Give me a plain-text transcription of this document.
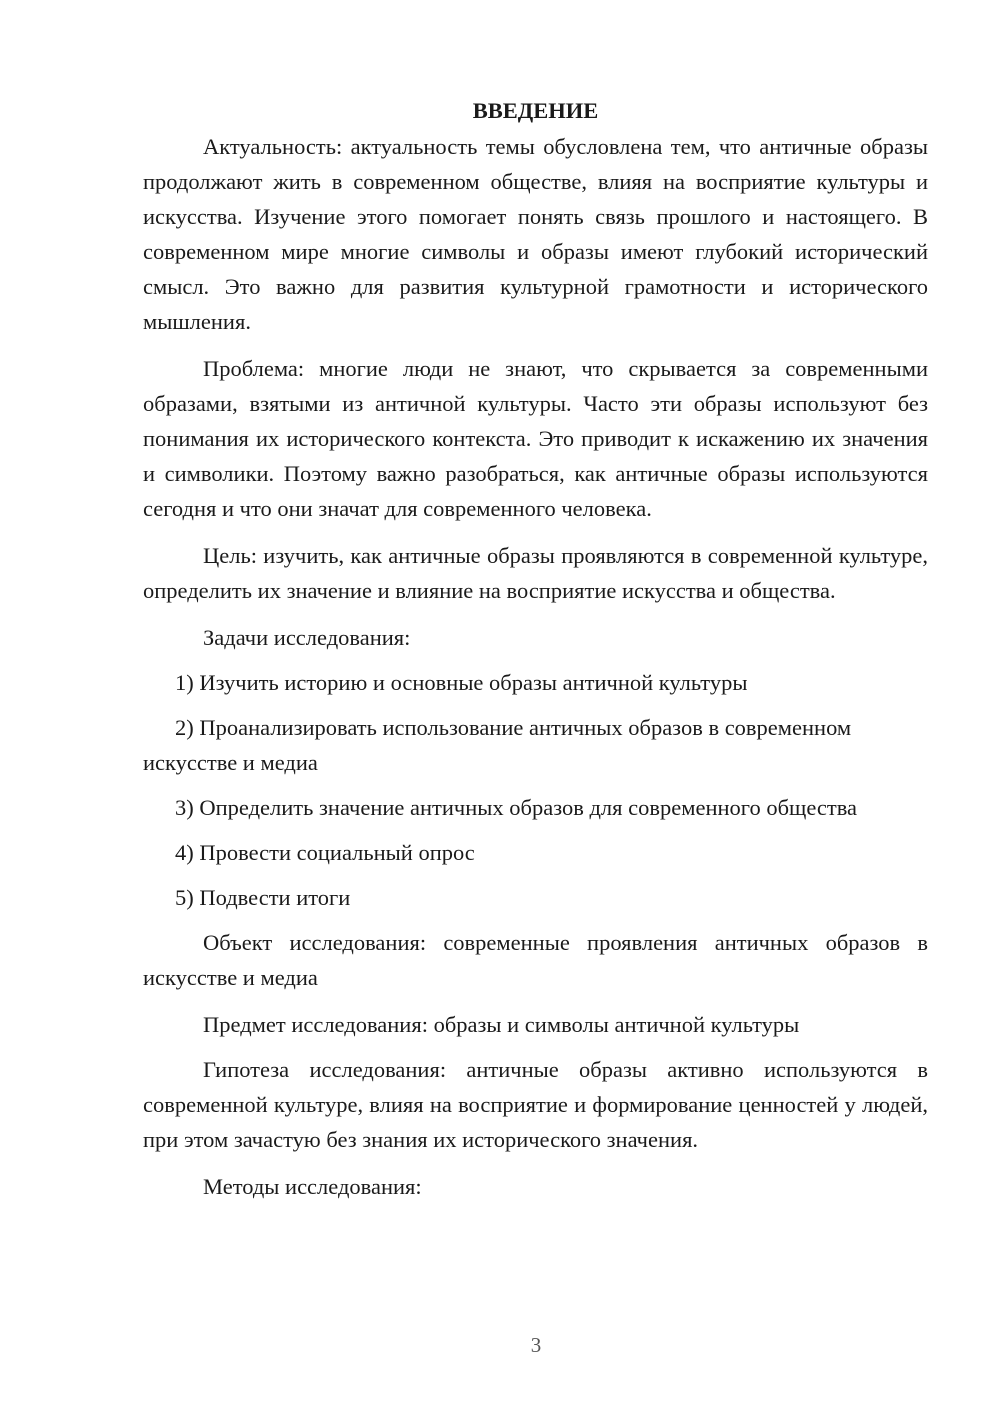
ВВЕДЕНИЕ

Актуальность: актуальность темы обусловлена тем, что античные образы продолжают жить в современном обществе, влияя на восприятие культуры и искусства. Изучение этого помогает понять связь прошлого и настоящего. В современном мире многие символы и образы имеют глубокий исторический смысл. Это важно для развития культурной грамотности и исторического мышления.

Проблема: многие люди не знают, что скрывается за современными образами, взятыми из античной культуры. Часто эти образы используют без понимания их исторического контекста. Это приводит к искажению их значения и символики. Поэтому важно разобраться, как античные образы используются сегодня и что они значат для современного человека.

Цель: изучить, как античные образы проявляются в современной культуре, определить их значение и влияние на восприятие искусства и общества.

Задачи исследования:

1) Изучить историю и основные образы античной культуры

2) Проанализировать использование античных образов в современном искусстве и медиа

3) Определить значение античных образов для современного общества

4) Провести социальный опрос

5) Подвести итоги

Объект исследования: современные проявления античных образов в искусстве и медиа

Предмет исследования: образы и символы античной культуры

Гипотеза исследования: античные образы активно используются в современной культуре, влияя на восприятие и формирование ценностей у людей, при этом зачастую без знания их исторического значения.

Методы исследования:

3
